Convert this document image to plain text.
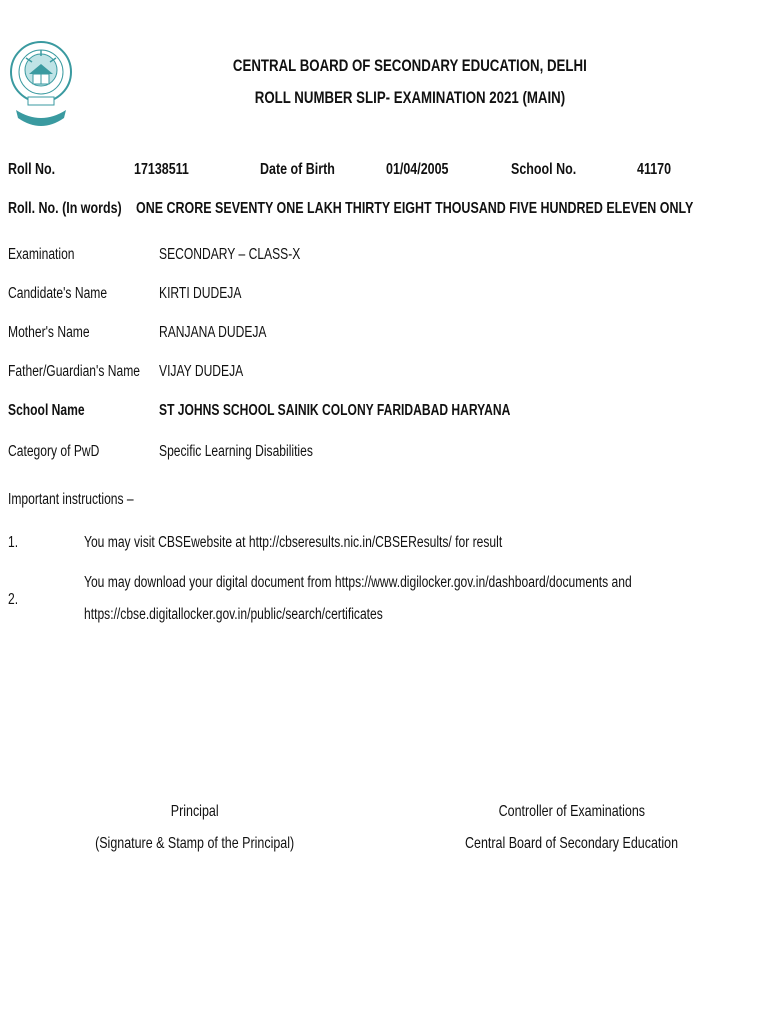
CENTRAL BOARD OF SECONDARY EDUCATION, DELHI
ROLL NUMBER SLIP- EXAMINATION 2021 (MAIN)
Roll No.	17138511	Date of Birth	01/04/2005	School No.	41170
Roll. No. (In words) ONE CRORE SEVENTY ONE LAKH THIRTY EIGHT THOUSAND FIVE HUNDRED ELEVEN ONLY
Examination	SECONDARY – CLASS-X
Candidate's Name	KIRTI DUDEJA
Mother's Name	RANJANA DUDEJA
Father/Guardian's Name	VIJAY DUDEJA
School Name	ST JOHNS SCHOOL SAINIK COLONY FARIDABAD HARYANA
Category of PwD	Specific Learning Disabilities
Important instructions –
1.	You may visit CBSEwebsite at http://cbseresults.nic.in/CBSEResults/ for result
2.
You may download your digital document from https://www.digilocker.gov.in/dashboard/documents and
https://cbse.digitallocker.gov.in/public/search/certificates
Principal
(Signature & Stamp of the Principal)
Controller of Examinations
Central Board of Secondary Education
